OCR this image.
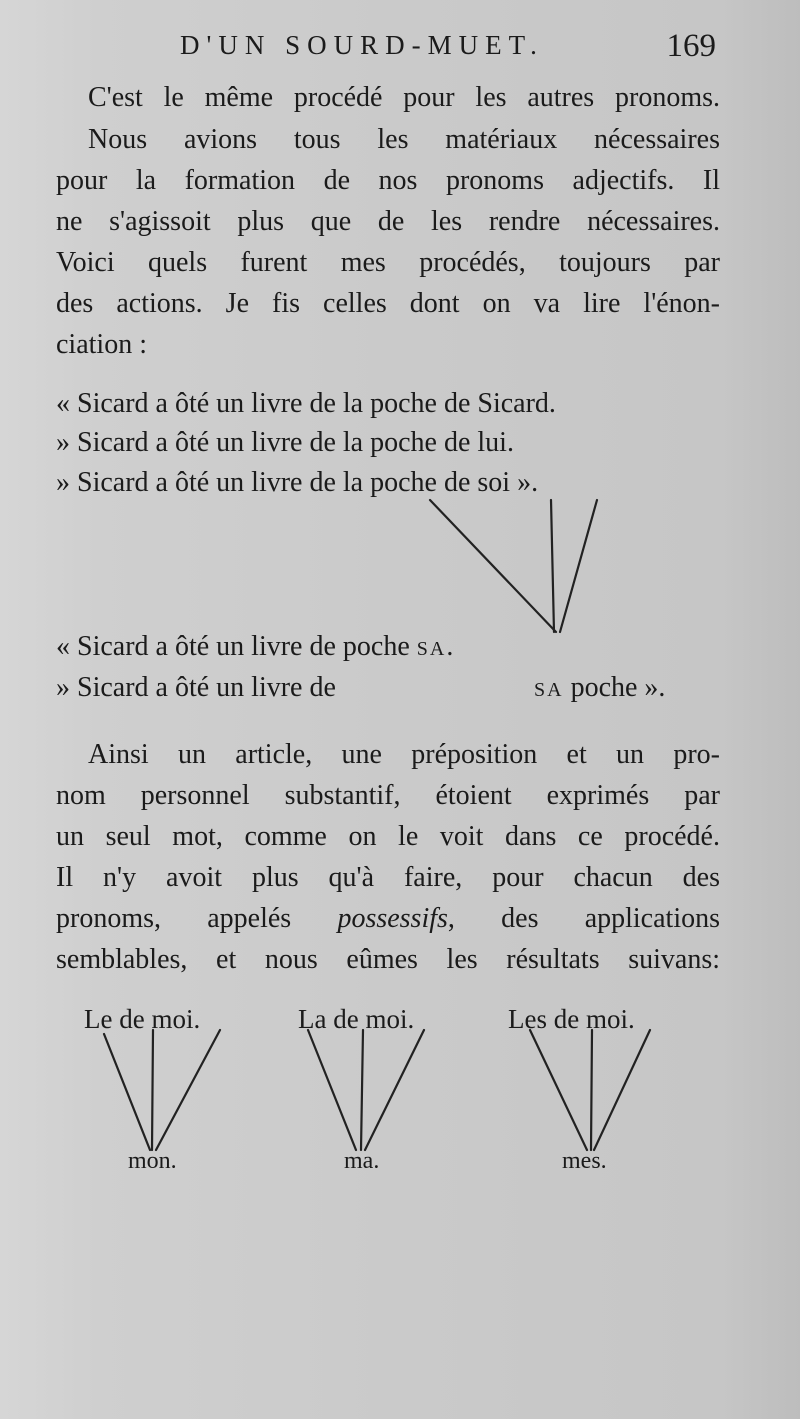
D'UN SOURD-MUET.	169
C'est le même procédé pour les autres pronoms.
Nous avions tous les matériaux nécessaires
pour la formation de nos pronoms adjectifs. Il
ne s'agissoit plus que de les rendre nécessaires.
Voici quels furent mes procédés, toujours par
des actions. Je fis celles dont on va lire l'énon-
ciation :
« Sicard a ôté un livre de la poche de Sicard.
» Sicard a ôté un livre de la poche de lui.
» Sicard a ôté un livre de la poche de soi ».
« Sicard a ôté un livre de poche SA.
» Sicard a ôté un livre de	SA poche ».
Ainsi un article, une préposition et un pro-
nom personnel substantif, étoient exprimés par
un seul mot, comme on le voit dans ce procédé.
Il n'y avoit plus qu'à faire, pour chacun des
pronoms, appelés possessifs, des applications
semblables, et nous eûmes les résultats suivans:
Le de moi.	La de moi.	Les de moi.
mon.	ma.	mes.
